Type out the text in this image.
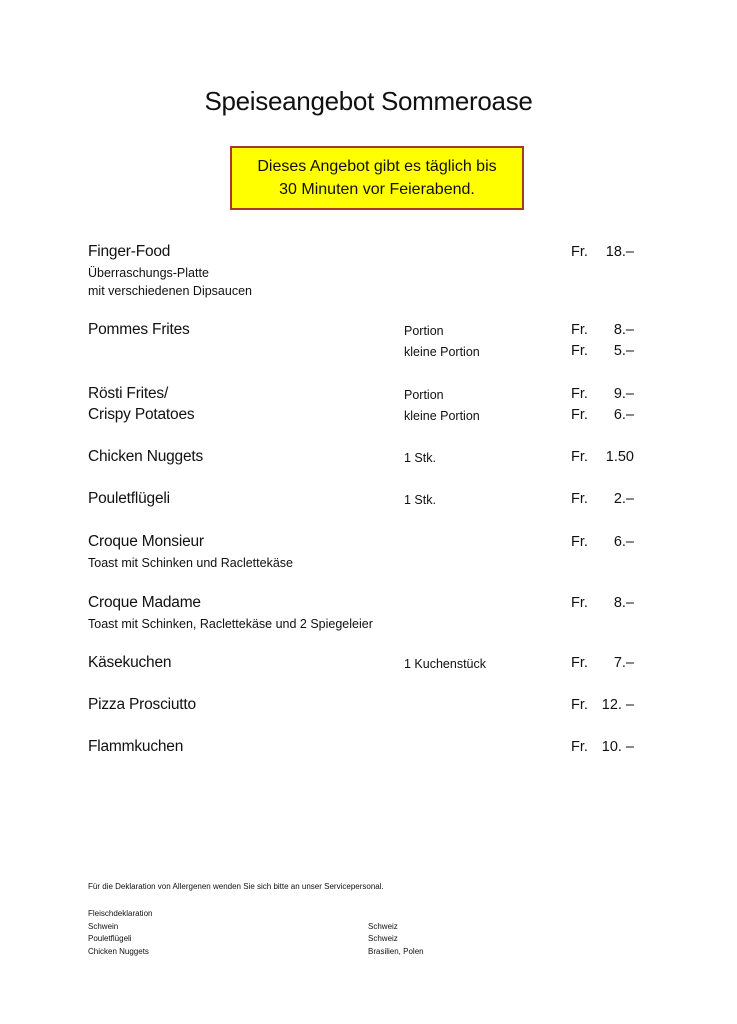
Speiseangebot Sommeroase
Dieses Angebot gibt es täglich bis
30 Minuten vor Feierabend.
Finger-Food	Fr. 18.–
Überraschungs-Platte
mit verschiedenen Dipsaucen
Pommes Frites	Portion	Fr. 8.–
kleine Portion	Fr. 5.–
Rösti Frites/	Portion	Fr. 9.–
Crispy Potatoes	kleine Portion	Fr. 6.–
Chicken Nuggets	1 Stk.	Fr. 1.50
Pouletflügeli	1 Stk.	Fr. 2.–
Croque Monsieur	Fr. 6.–
Toast mit Schinken und Raclettekäse
Croque Madame	Fr. 8.–
Toast mit Schinken, Raclettekäse und 2 Spiegeleier
Käsekuchen	1 Kuchenstück	Fr. 7.–
Pizza Prosciutto	Fr. 12. –
Flammkuchen	Fr. 10. –
Für die Deklaration von Allergenen wenden Sie sich bitte an unser Servicepersonal.
Fleischdeklaration
Schwein	Schweiz
Pouletflügeli	Schweiz
Chicken Nuggets	Brasilien, Polen
